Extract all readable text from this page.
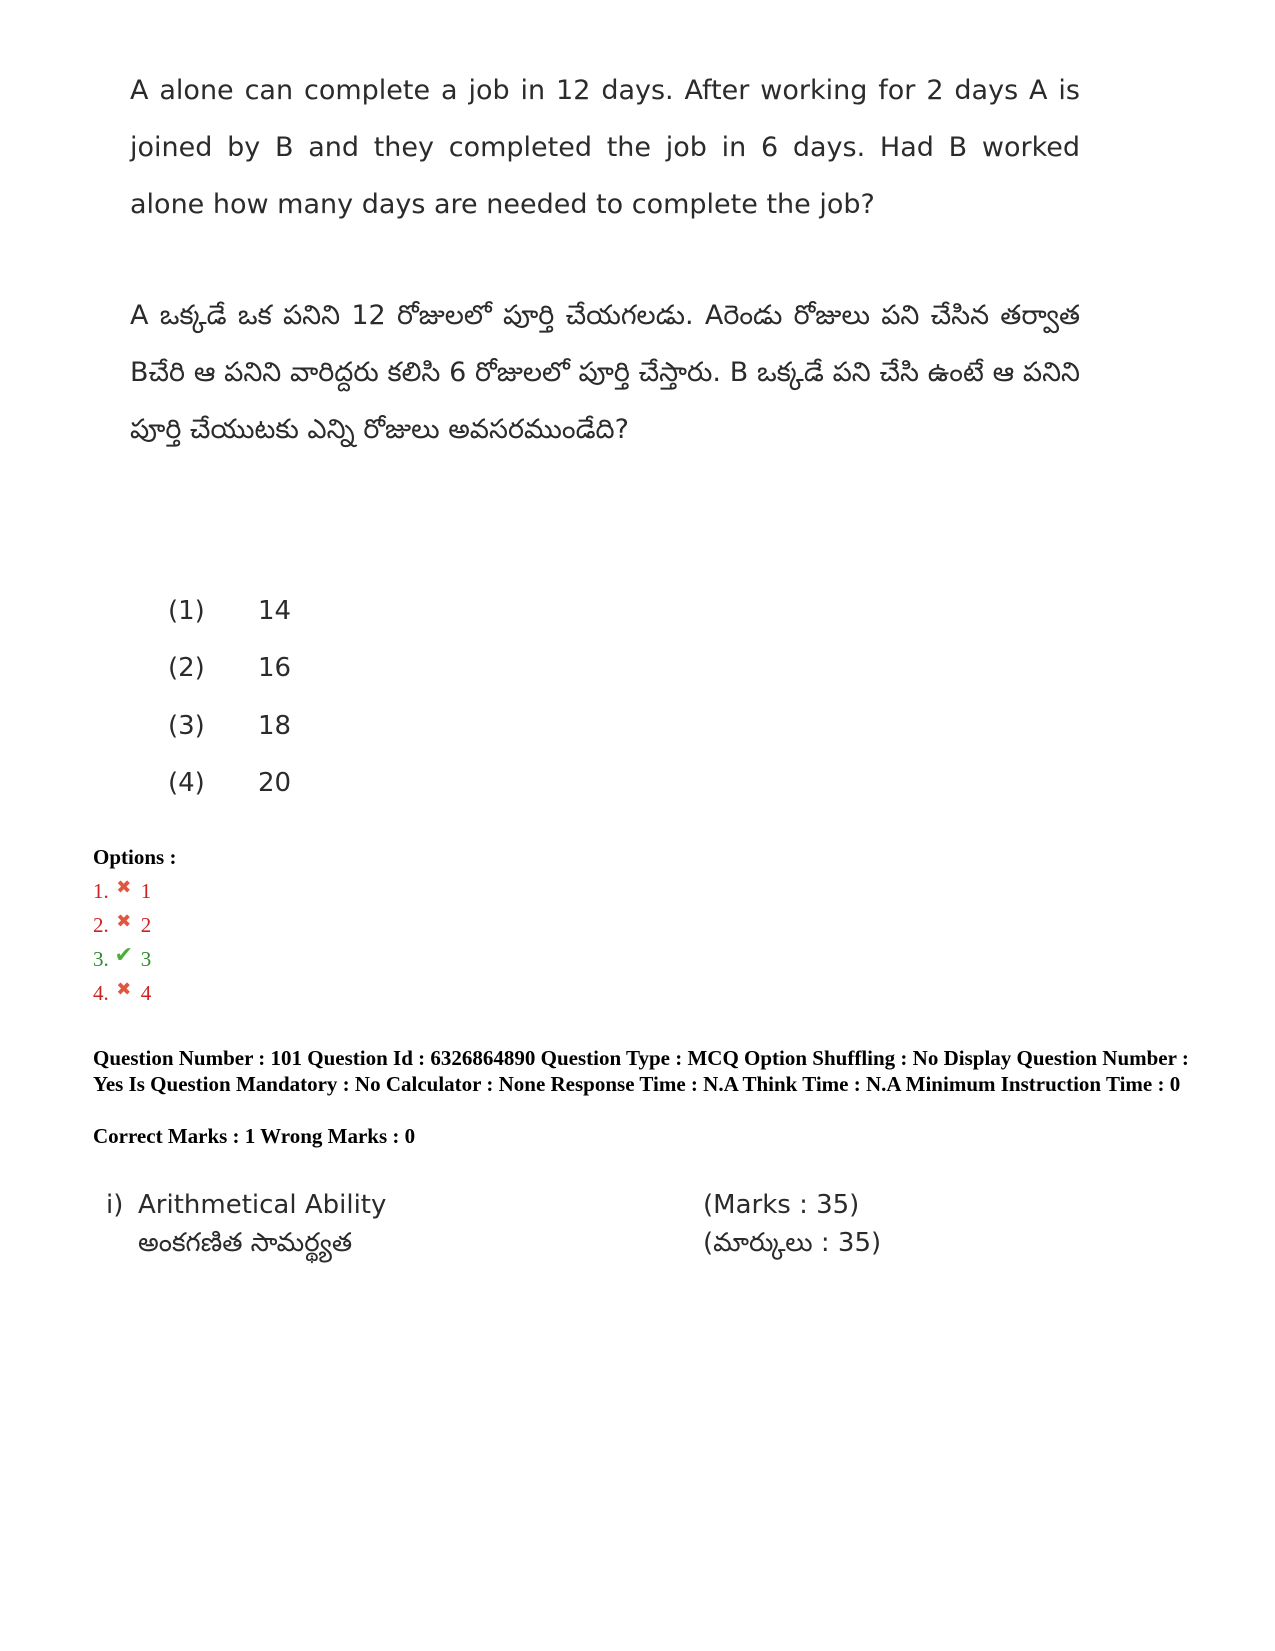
A alone can complete a job in 12 days. After working for 2 days A is joined by B and they completed the job in 6 days. Had B worked alone how many days are needed to complete the job?
A ఒక్కడే ఒక పనిని 12 రోజులలో పూర్తి చేయగలడు. Aరెండు రోజులు పని చేసిన తర్వాత Bచేరి ఆ పనిని వారిద్దరు కలిసి 6 రోజులలో పూర్తి చేస్తారు. B ఒక్కడే పని చేసి ఉంటే ఆ పనిని పూర్తి చేయుటకు ఎన్ని రోజులు అవసరముండేది?
(1)	14
(2)	16
(3)	18
(4)	20
Options :
1. ✖ 1
2. ✖ 2
3. ✔ 3
4. ✖ 4
Question Number : 101 Question Id : 6326864890 Question Type : MCQ Option Shuffling : No Display Question Number : Yes Is Question Mandatory : No Calculator : None Response Time : N.A Think Time : N.A Minimum Instruction Time : 0
Correct Marks : 1 Wrong Marks : 0
i) Arithmetical Ability	(Marks : 35)
అంకగణిత సామర్థ్యత	(మార్కులు : 35)
